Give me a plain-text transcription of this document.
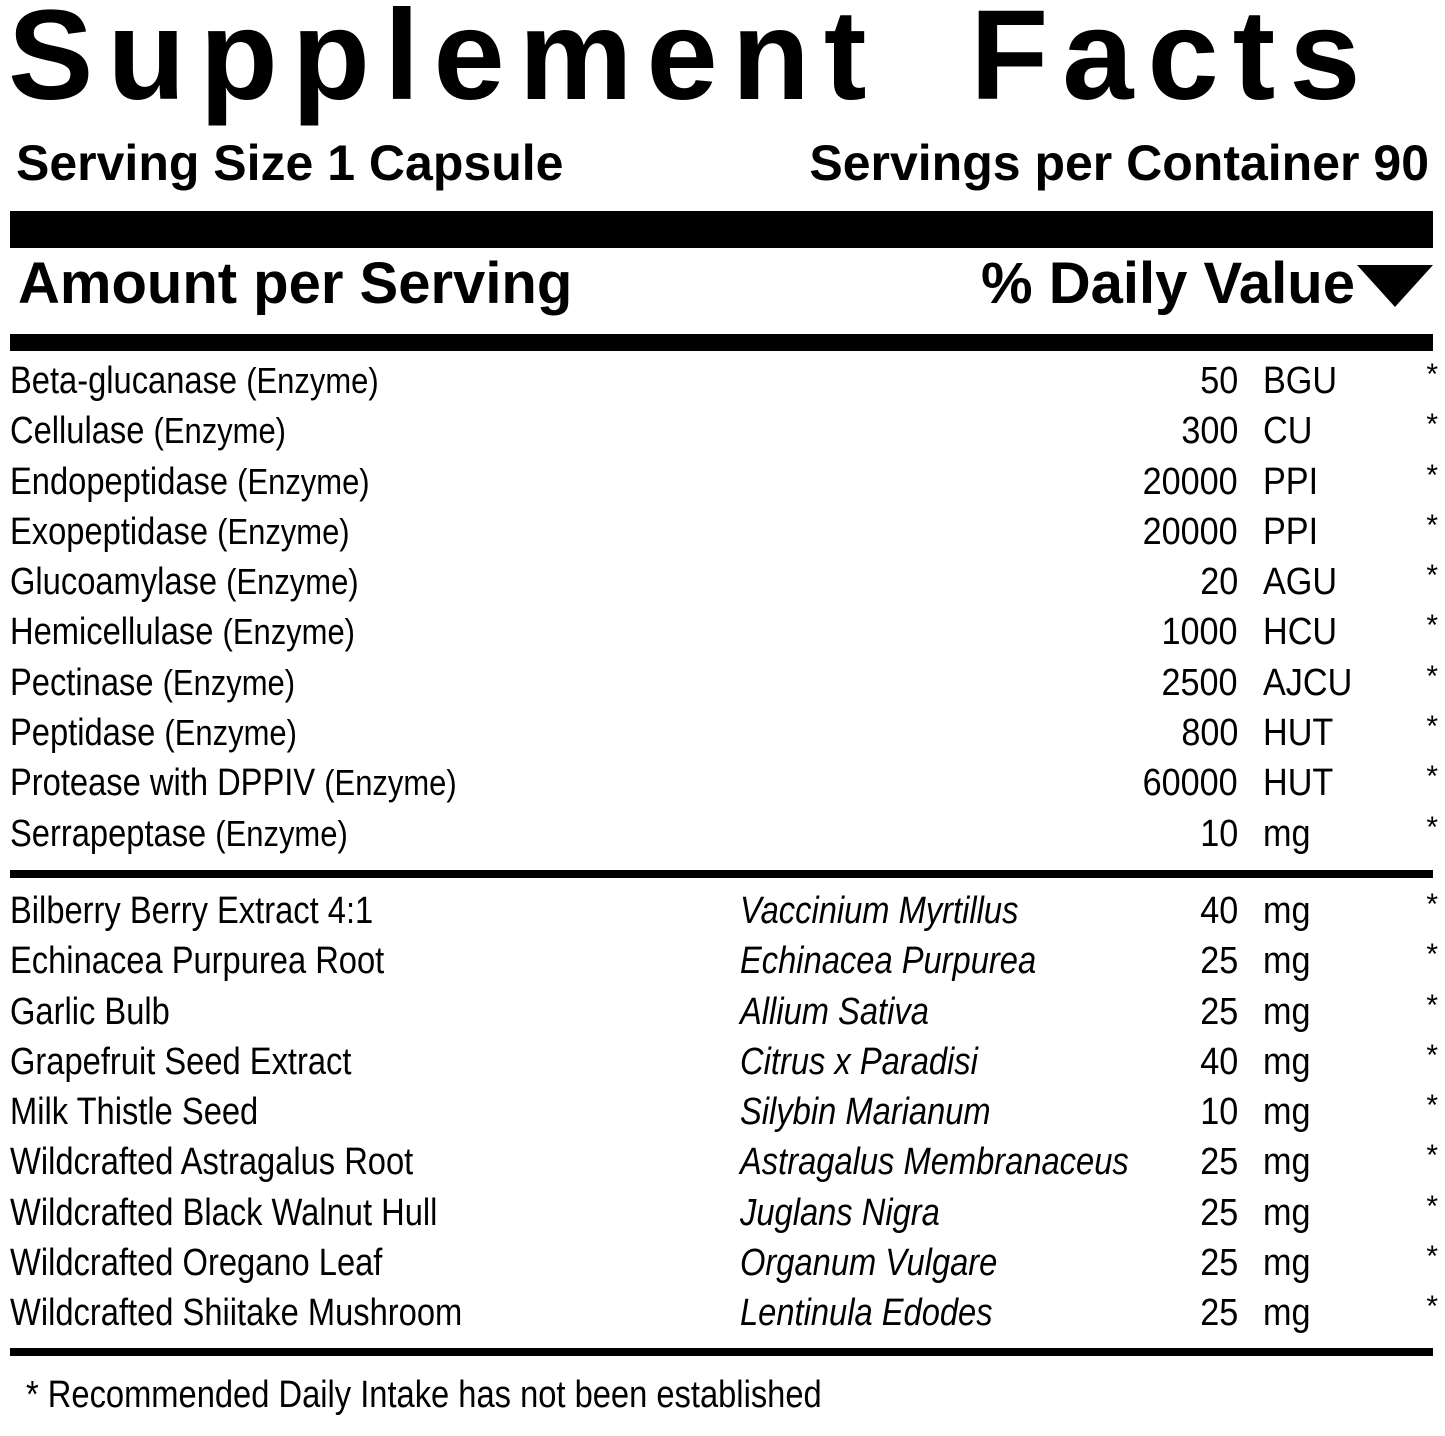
Supplement Facts
Serving Size 1 Capsule	Servings per Container 90
Amount per Serving	% Daily Value
Beta-glucanase (Enzyme)	50 BGU	*
Cellulase (Enzyme)	300 CU	*
Endopeptidase (Enzyme)	20000 PPI	*
Exopeptidase (Enzyme)	20000 PPI	*
Glucoamylase (Enzyme)	20 AGU	*
Hemicellulase (Enzyme)	1000 HCU	*
Pectinase (Enzyme)	2500 AJCU *
Peptidase (Enzyme)	800 HUT	*
Protease with DPPIV (Enzyme)	60000 HUT	*
Serrapeptase (Enzyme)	10 mg	*
Bilberry Berry Extract 4:1	Vaccinium Myrtillus	40 mg	*
Echinacea Purpurea Root	Echinacea Purpurea	25 mg	*
Garlic Bulb	Allium Sativa	25 mg	*
Grapefruit Seed Extract	Citrus x Paradisi	40 mg	*
Milk Thistle Seed	Silybin Marianum	10 mg	*
Wildcrafted Astragalus Root	Astragalus Membranaceus 25 mg	*
Wildcrafted Black Walnut Hull	Juglans Nigra	25 mg	*
Wildcrafted Oregano Leaf	Organum Vulgare	25 mg	*
Wildcrafted Shiitake Mushroom	Lentinula Edodes	25 mg	*
* Recommended Daily Intake has not been established
